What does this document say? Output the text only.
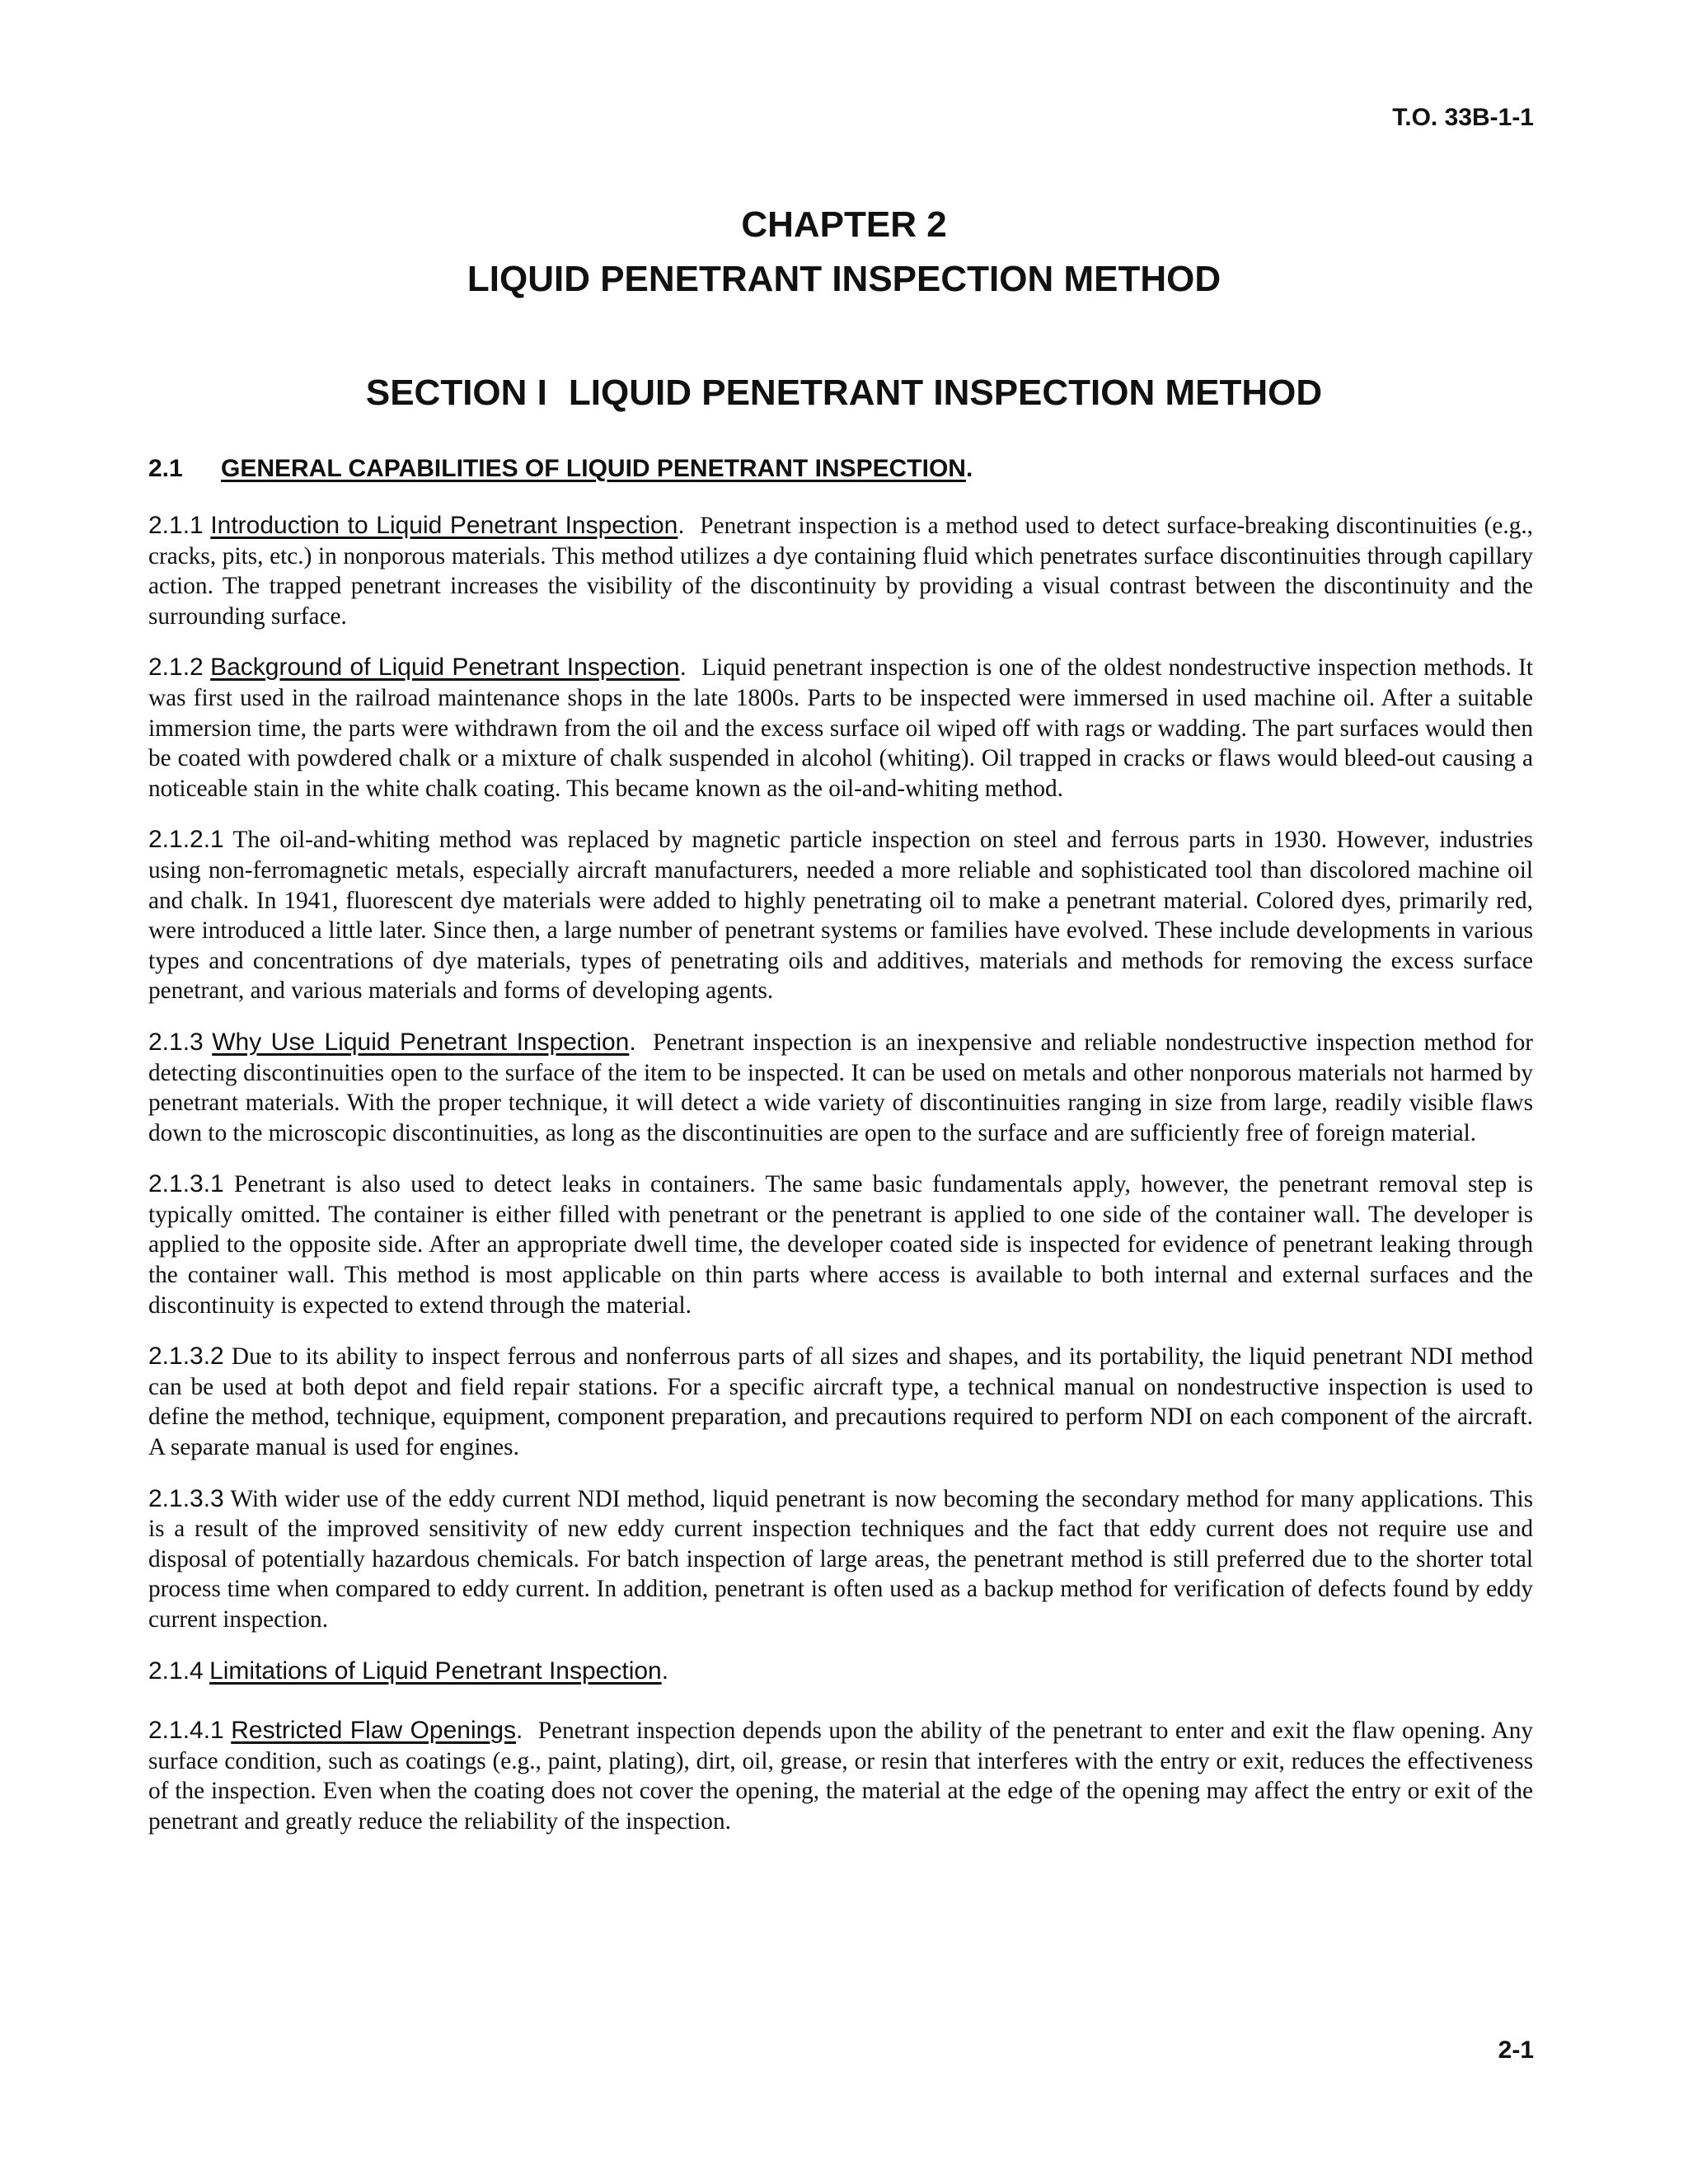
T.O. 33B-1-1

CHAPTER 2

LIQUID PENETRANT INSPECTION METHOD

SECTION I LIQUID PENETRANT INSPECTION METHOD
2.1 GENERAL CAPABILITIES OF LIQUID PENETRANT INSPECTION.

2.1.1 Introduction to Liquid Penetrant Inspection. Penetrant inspection is a method used to detect surface-breaking discontinuities (e.g., cracks, pits, etc.) in nonporous materials. This method utilizes a dye containing fluid which penetrates surface discontinuities through capillary action. The trapped penetrant increases the visibility of the discontinuity by providing a visual contrast between the discontinuity and the surrounding surface.

2.1.2 Background of Liquid Penetrant Inspection. Liquid penetrant inspection is one of the oldest nondestructive inspection methods. It was first used in the railroad maintenance shops in the late 1800s. Parts to be inspected were immersed in used machine oil. After a suitable immersion time, the parts were withdrawn from the oil and the excess surface oil wiped off with rags or wadding. The part surfaces would then be coated with powdered chalk or a mixture of chalk suspended in alcohol (whiting). Oil trapped in cracks or flaws would bleed-out causing a noticeable stain in the white chalk coating. This became known as the oil-and-whiting method.

2.1.2.1 The oil-and-whiting method was replaced by magnetic particle inspection on steel and ferrous parts in 1930. However, industries using non-ferromagnetic metals, especially aircraft manufacturers, needed a more reliable and sophisticated tool than discolored machine oil and chalk. In 1941, fluorescent dye materials were added to highly penetrating oil to make a penetrant material. Colored dyes, primarily red, were introduced a little later. Since then, a large number of penetrant systems or families have evolved. These include developments in various types and concentrations of dye materials, types of penetrating oils and additives, materials and methods for removing the excess surface penetrant, and various materials and forms of developing agents.

2.1.3 Why Use Liquid Penetrant Inspection. Penetrant inspection is an inexpensive and reliable nondestructive inspection method for detecting discontinuities open to the surface of the item to be inspected. It can be used on metals and other nonporous materials not harmed by penetrant materials. With the proper technique, it will detect a wide variety of discontinuities ranging in size from large, readily visible flaws down to the microscopic discontinuities, as long as the discontinuities are open to the surface and are sufficiently free of foreign material.

2.1.3.1 Penetrant is also used to detect leaks in containers. The same basic fundamentals apply, however, the penetrant removal step is typically omitted. The container is either filled with penetrant or the penetrant is applied to one side of the container wall. The developer is applied to the opposite side. After an appropriate dwell time, the developer coated side is inspected for evidence of penetrant leaking through the container wall. This method is most applicable on thin parts where access is available to both internal and external surfaces and the discontinuity is expected to extend through the material.

2.1.3.2 Due to its ability to inspect ferrous and nonferrous parts of all sizes and shapes, and its portability, the liquid penetrant NDI method can be used at both depot and field repair stations. For a specific aircraft type, a technical manual on nondestructive inspection is used to define the method, technique, equipment, component preparation, and precautions required to perform NDI on each component of the aircraft. A separate manual is used for engines.

2.1.3.3 With wider use of the eddy current NDI method, liquid penetrant is now becoming the secondary method for many applications. This is a result of the improved sensitivity of new eddy current inspection techniques and the fact that eddy current does not require use and disposal of potentially hazardous chemicals. For batch inspection of large areas, the penetrant method is still preferred due to the shorter total process time when compared to eddy current. In addition, penetrant is often used as a backup method for verification of defects found by eddy current inspection.

2.1.4 Limitations of Liquid Penetrant Inspection.

2.1.4.1 Restricted Flaw Openings. Penetrant inspection depends upon the ability of the penetrant to enter and exit the flaw opening. Any surface condition, such as coatings (e.g., paint, plating), dirt, oil, grease, or resin that interferes with the entry or exit, reduces the effectiveness of the inspection. Even when the coating does not cover the opening, the material at the edge of the opening may affect the entry or exit of the penetrant and greatly reduce the reliability of the inspection.

2-1
